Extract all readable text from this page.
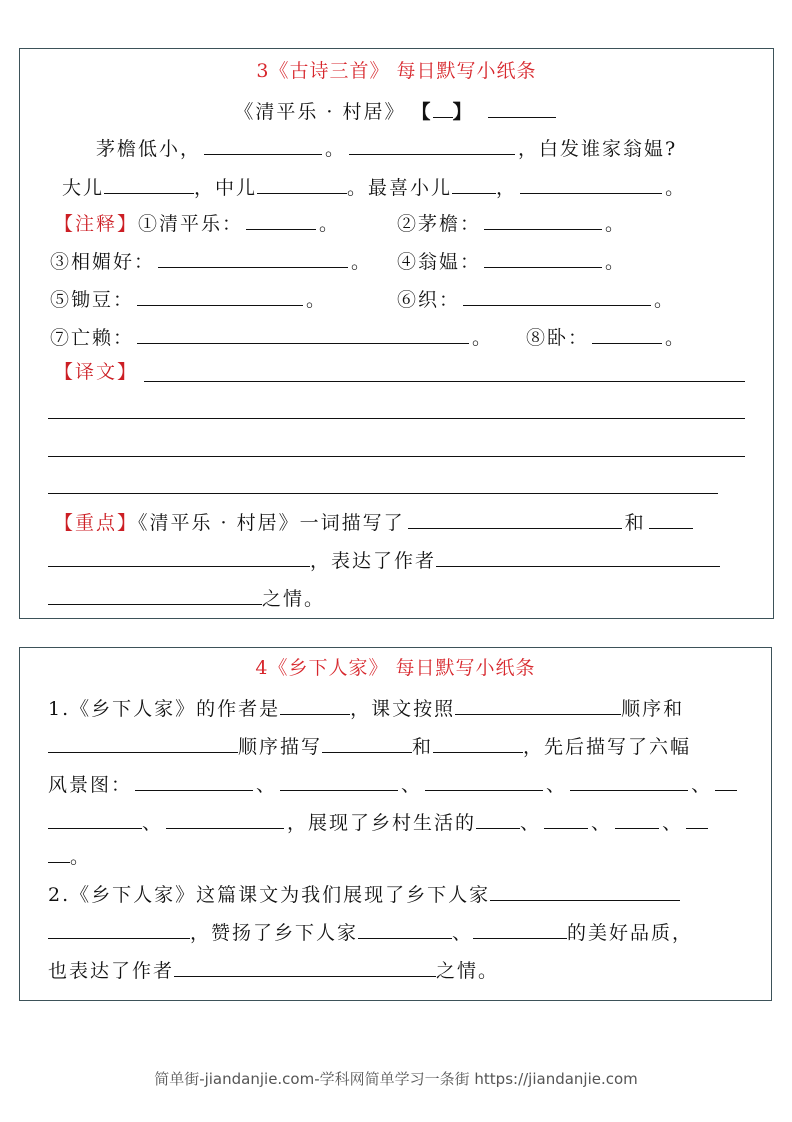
3《古诗三首》 每日默写小纸条
《清平乐 · 村居》 【 】
茅檐低小，	。	，白发谁家翁媪?
大儿	，中儿	。最喜小儿 ，	。
【注释】①清平乐：	。	②茅檐：	。
③相媚好：	。	④翁媪：	。
⑤锄豆：	。	⑥织：	。
⑦亡赖：	。	⑧卧：	。
【译文】
【重点】《清平乐 · 村居》一词描写了	和
，表达了作者
之情。
4《乡下人家》 每日默写小纸条
1.《乡下人家》的作者是	，课文按照	顺序和
顺序描写	和	，先后描写了六幅
风景图：	、	、	、	、
、	，展现了乡村生活的 、	、	、
。
2.《乡下人家》这篇课文为我们展现了乡下人家
，赞扬了乡下人家	、	的美好品质，
也表达了作者	之情。
简单街-jiandanjie.com-学科网简单学习一条街 https://jiandanjie.com
